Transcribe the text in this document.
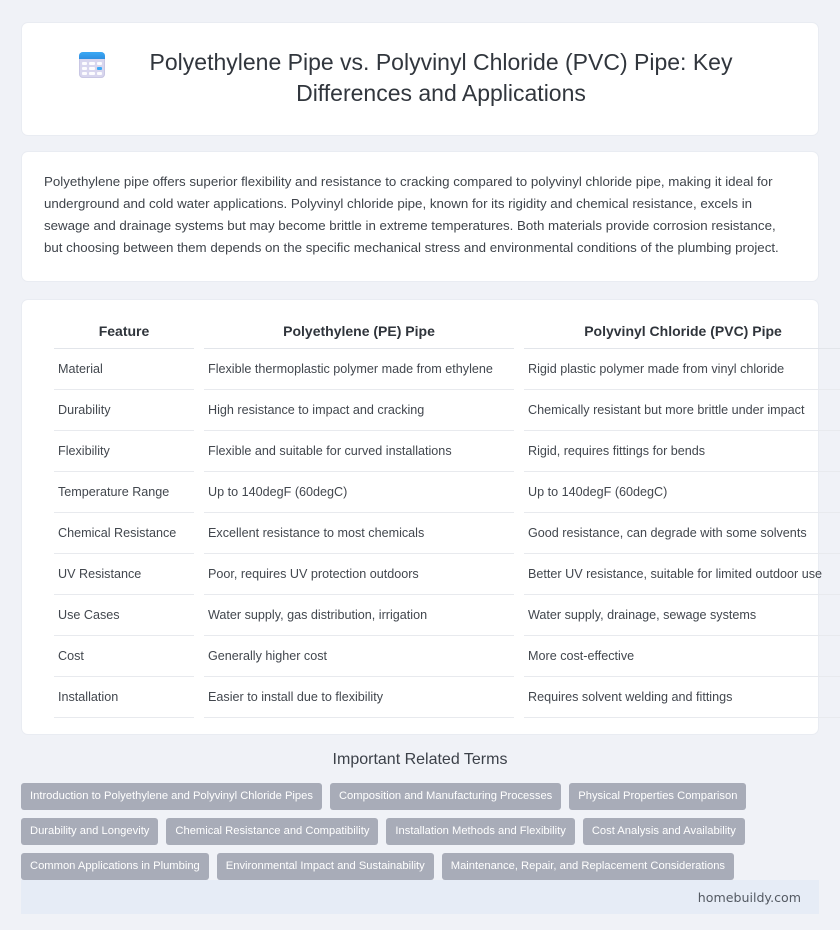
Polyethylene Pipe vs. Polyvinyl Chloride (PVC) Pipe: Key Differences and Applications

Polyethylene pipe offers superior flexibility and resistance to cracking compared to polyvinyl chloride pipe, making it ideal for underground and cold water applications. Polyvinyl chloride pipe, known for its rigidity and chemical resistance, excels in sewage and drainage systems but may become brittle in extreme temperatures. Both materials provide corrosion resistance, but choosing between them depends on the specific mechanical stress and environmental conditions of the plumbing project.

Feature	Polyethylene (PE) Pipe	Polyvinyl Chloride (PVC) Pipe
Material	Flexible thermoplastic polymer made from ethylene	Rigid plastic polymer made from vinyl chloride
Durability	High resistance to impact and cracking	Chemically resistant but more brittle under impact
Flexibility	Flexible and suitable for curved installations	Rigid, requires fittings for bends
Temperature Range	Up to 140degF (60degC)	Up to 140degF (60degC)
Chemical Resistance	Excellent resistance to most chemicals	Good resistance, can degrade with some solvents
UV Resistance	Poor, requires UV protection outdoors	Better UV resistance, suitable for limited outdoor use
Use Cases	Water supply, gas distribution, irrigation	Water supply, drainage, sewage systems
Cost	Generally higher cost	More cost-effective
Installation	Easier to install due to flexibility	Requires solvent welding and fittings
Important Related Terms
Introduction to Polyethylene and Polyvinyl Chloride Pipes	Composition and Manufacturing Processes	Physical Properties Comparison
Durability and Longevity	Chemical Resistance and Compatibility	Installation Methods and Flexibility	Cost Analysis and Availability
Common Applications in Plumbing	Environmental Impact and Sustainability	Maintenance, Repair, and Replacement Considerations
homebuildy.com
